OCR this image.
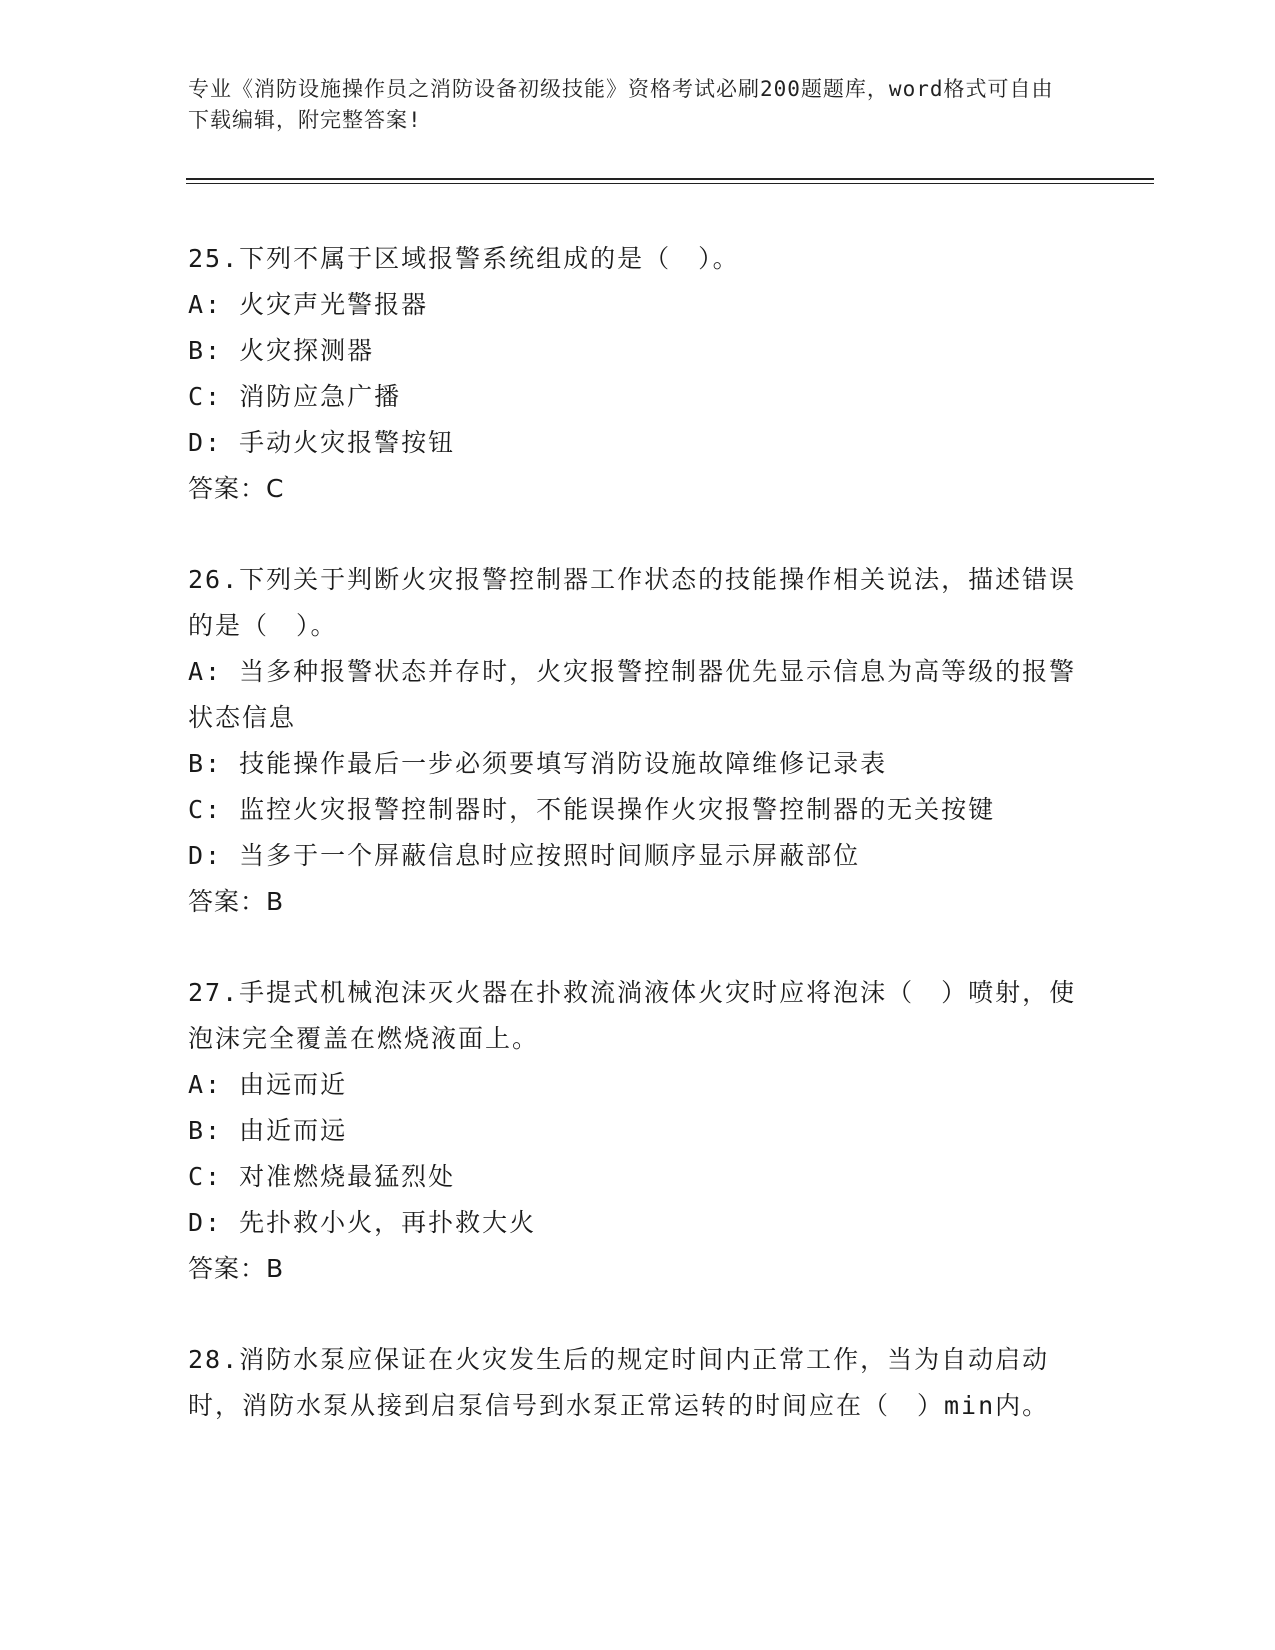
专业《消防设施操作员之消防设备初级技能》资格考试必刷200题题库，word格式可自由下载编辑，附完整答案!
25.下列不属于区域报警系统组成的是（　）。
A: 火灾声光警报器
B: 火灾探测器
C: 消防应急广播
D: 手动火灾报警按钮
答案：C
26.下列关于判断火灾报警控制器工作状态的技能操作相关说法，描述错误的是（　）。
A: 当多种报警状态并存时，火灾报警控制器优先显示信息为高等级的报警状态信息
B: 技能操作最后一步必须要填写消防设施故障维修记录表
C: 监控火灾报警控制器时，不能误操作火灾报警控制器的无关按键
D: 当多于一个屏蔽信息时应按照时间顺序显示屏蔽部位
答案：B
27.手提式机械泡沫灭火器在扑救流淌液体火灾时应将泡沫（　）喷射，使泡沫完全覆盖在燃烧液面上。
A: 由远而近
B: 由近而远
C: 对准燃烧最猛烈处
D: 先扑救小火，再扑救大火
答案：B
28.消防水泵应保证在火灾发生后的规定时间内正常工作，当为自动启动时，消防水泵从接到启泵信号到水泵正常运转的时间应在（　）min内。
